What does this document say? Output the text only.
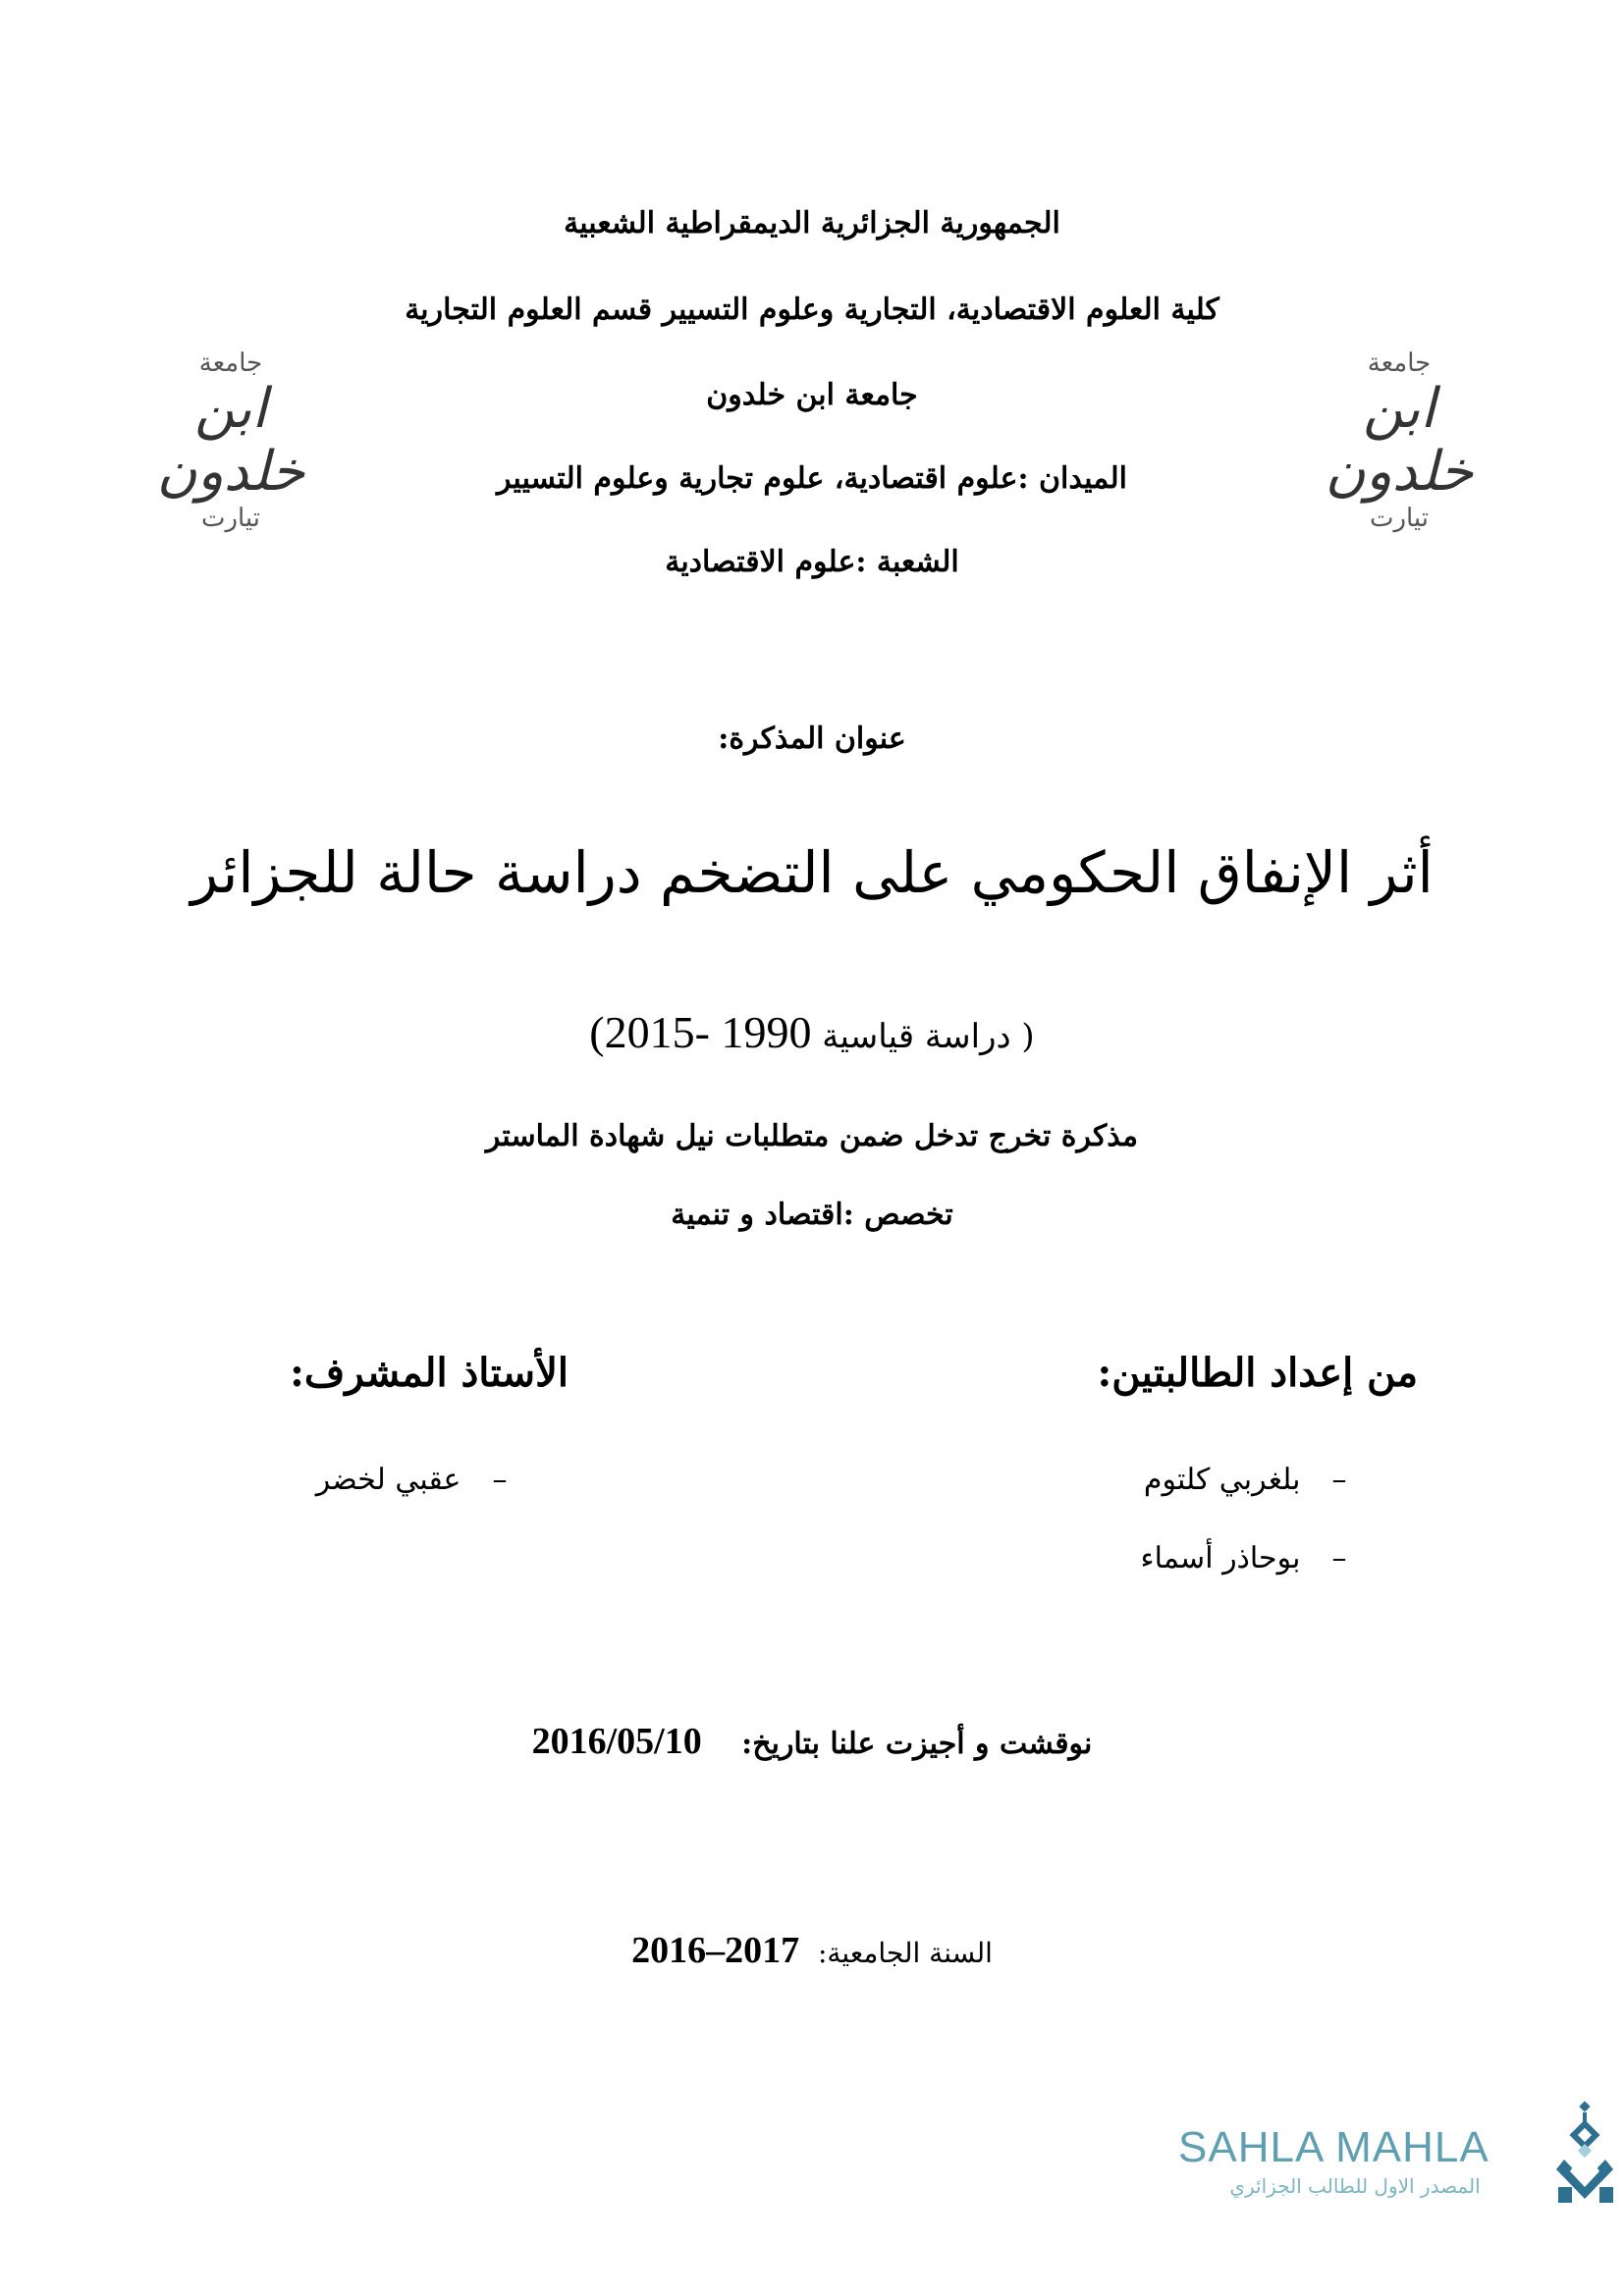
جامعة
ابن خلدون
تيارت
جامعة
ابن خلدون
تيارت
الجمهورية الجزائرية الديمقراطية الشعبية
كلية العلوم الاقتصادية، التجارية وعلوم التسيير قسم العلوم التجارية
جامعة ابن خلدون
الميدان :علوم اقتصادية، علوم تجارية وعلوم التسيير
الشعبة :علوم الاقتصادية
عنوان المذكرة:
أثر الإنفاق الحكومي على التضخم دراسة حالة للجزائر
( دراسة قياسية 1990 -2015)
مذكرة تخرج تدخل ضمن متطلبات نيل شهادة الماستر
تخصص :اقتصاد و تنمية
من إعداد الطالبتين:
– بلغربي كلتوم
– بوحاذر أسماء
الأستاذ المشرف:
– عقبي لخضر
نوقشت و أجيزت علنا بتاريخ: 2016/05/10
السنة الجامعية: 2017–2016
SAHLA MAHLA
المصدر الاول للطالب الجزائري
